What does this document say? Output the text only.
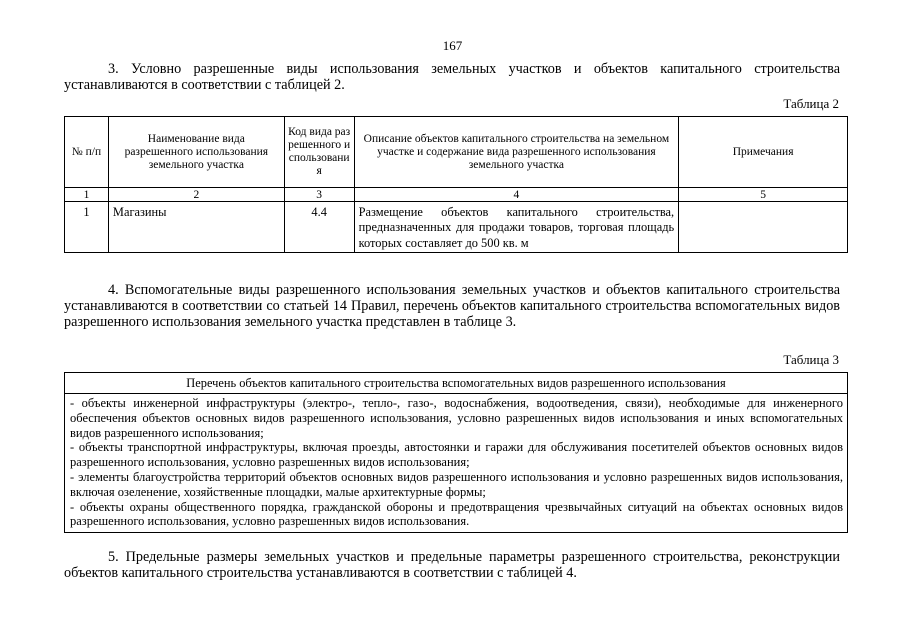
167

3. Условно разрешенные виды использования земельных участков и объектов капитального строительства устанавливаются в соответствии с таблицей 2.

Таблица 2
№ п/п	Наименование вида разрешенного использования земельного участка	Код вида разрешенного использования	Описание объектов капитального строительства на земельном участке и содержание вида разрешенного использования земельного участка	Примечания
1	2	3	4	5
1	Магазины	4.4	Размещение объектов капитального строительства, предназначенных для продажи товаров, торговая площадь которых составляет до 500 кв. м	

4. Вспомогательные виды разрешенного использования земельных участков и объектов капитального строительства устанавливаются в соответствии со статьей 14 Правил, перечень объектов капитального строительства вспомогательных видов разрешенного использования земельного участка представлен в таблице 3.

Таблица 3
Перечень объектов капитального строительства вспомогательных видов разрешенного использования

- объекты инженерной инфраструктуры (электро-, тепло-, газо-, водоснабжения, водоотведения, связи), необходимые для инженерного обеспечения объектов основных видов разрешенного использования, условно разрешенных видов использования и иных вспомогательных видов разрешенного использования;
- объекты транспортной инфраструктуры, включая проезды, автостоянки и гаражи для обслуживания посетителей объектов основных видов разрешенного использования, условно разрешенных видов использования;
- элементы благоустройства территорий объектов основных видов разрешенного использования и условно разрешенных видов использования, включая озеленение, хозяйственные площадки, малые архитектурные формы;
- объекты охраны общественного порядка, гражданской обороны и предотвращения чрезвычайных ситуаций на объектах основных видов разрешенного использования, условно разрешенных видов использования.

5. Предельные размеры земельных участков и предельные параметры разрешенного строительства, реконструкции объектов капитального строительства устанавливаются в соответствии с таблицей 4.
